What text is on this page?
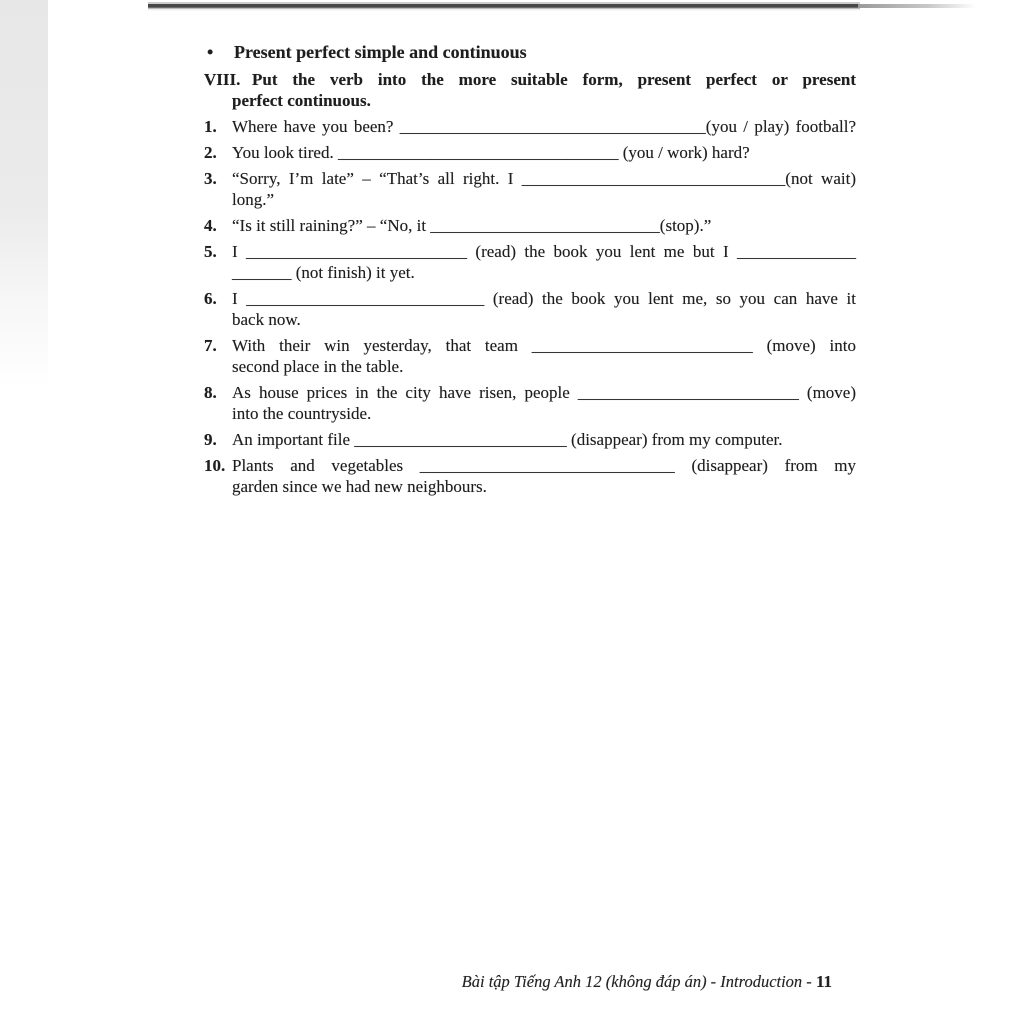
•	Present perfect simple and continuous
VIII. Put the verb into the more suitable form, present perfect or present
perfect continuous.
1. Where have you been? ____________________________________(you / play) football?
2. You look tired. _________________________________ (you / work) hard?
3. “Sorry, I’m late” – “That’s all right. I _______________________________(not wait)
long.”
4. “Is it still raining?” – “No, it ___________________________(stop).”
5. I __________________________ (read) the book you lent me but I ______________
_______ (not finish) it yet.
6. I ____________________________ (read) the book you lent me, so you can have it
back now.
7. With their win yesterday, that team __________________________ (move) into
second place in the table.
8. As house prices in the city have risen, people __________________________ (move)
into the countryside.
9. An important file _________________________ (disappear) from my computer.
10. Plants and vegetables ______________________________ (disappear) from my
garden since we had new neighbours.
Bài tập Tiếng Anh 12 (không đáp án) - Introduction - 11
